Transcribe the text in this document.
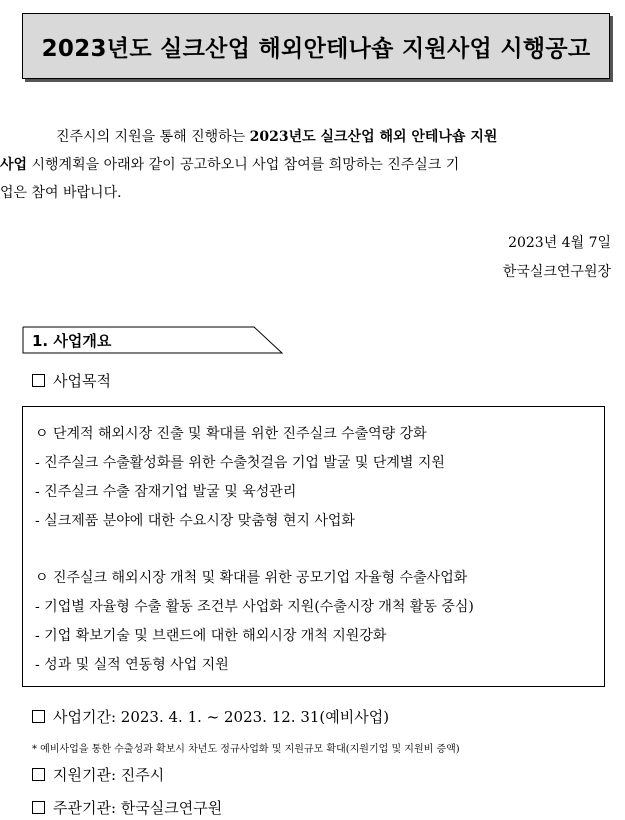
2023년도 실크산업 해외안테나숍 지원사업 시행공고

진주시의 지원을 통해 진행하는 2023년도 실크산업 해외 안테나숍 지원
사업 시행계획을 아래와 같이 공고하오니 사업 참여를 희망하는 진주실크 기
업은 참여 바랍니다.

2023년 4월 7일
한국실크연구원장
1. 사업개요
사업목적
ㅇ 단계적 해외시장 진출 및 확대를 위한 진주실크 수출역량 강화
- 진주실크 수출활성화를 위한 수출첫걸음 기업 발굴 및 단계별 지원
- 진주실크 수출 잠재기업 발굴 및 육성관리
- 실크제품 분야에 대한 수요시장 맞춤형 현지 사업화
ㅇ 진주실크 해외시장 개척 및 확대를 위한 공모기업 자율형 수출사업화
- 기업별 자율형 수출 활동 조건부 사업화 지원(수출시장 개척 활동 중심)
- 기업 확보기술 및 브랜드에 대한 해외시장 개척 지원강화
- 성과 및 실적 연동형 사업 지원
사업기간: 2023. 4. 1. ~ 2023. 12. 31(예비사업)
* 예비사업을 통한 수출성과 확보시 차년도 정규사업화 및 지원규모 확대(지원기업 및 지원비 증액)
지원기관: 진주시
주관기관: 한국실크연구원
